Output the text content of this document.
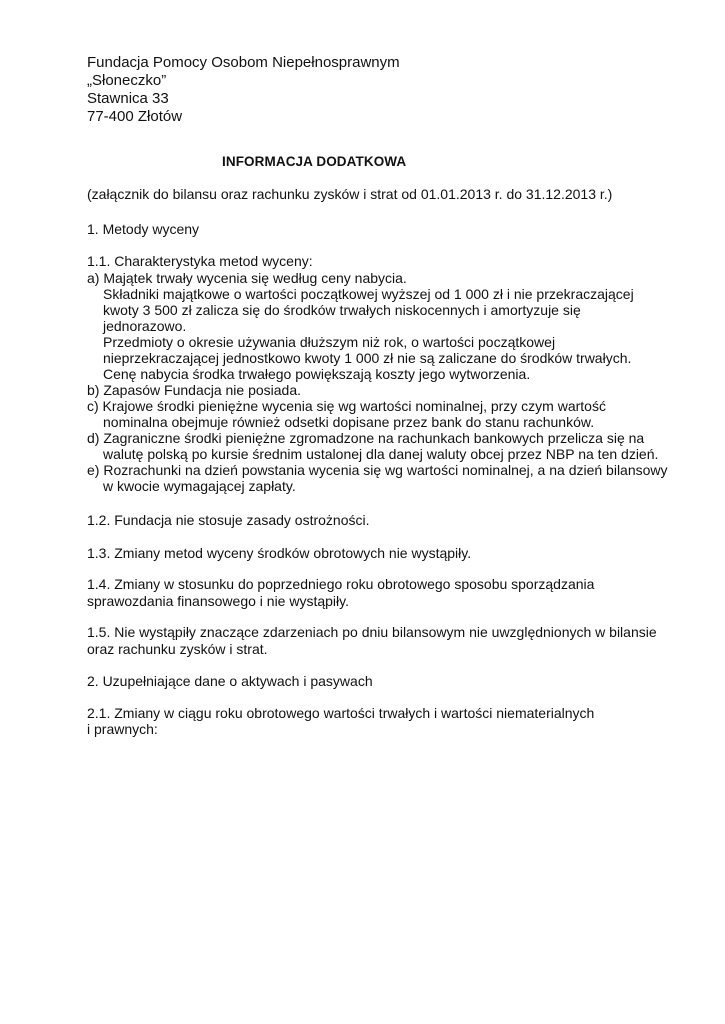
Fundacja Pomocy Osobom Niepełnosprawnym
„Słoneczko”
Stawnica 33
77-400 Złotów
INFORMACJA DODATKOWA
(załącznik do bilansu oraz rachunku zysków i strat od 01.01.2013 r. do 31.12.2013 r.)
1. Metody wyceny
1.1. Charakterystyka metod wyceny:
a) Majątek trwały wycenia się według ceny nabycia.
Składniki majątkowe o wartości początkowej wyższej od 1 000 zł i nie przekraczającej
kwoty 3 500 zł zalicza się do środków trwałych niskocennych i amortyzuje się
jednorazowo.
Przedmioty o okresie używania dłuższym niż rok, o wartości początkowej
nieprzekraczającej jednostkowo kwoty 1 000 zł nie są zaliczane do środków trwałych.
Cenę nabycia środka trwałego powiększają koszty jego wytworzenia.
b) Zapasów Fundacja nie posiada.
c) Krajowe środki pieniężne wycenia się wg wartości nominalnej, przy czym wartość
nominalna obejmuje również odsetki dopisane przez bank do stanu rachunków.
d) Zagraniczne środki pieniężne zgromadzone na rachunkach bankowych przelicza się na
walutę polską po kursie średnim ustalonej dla danej waluty obcej przez NBP na ten dzień.
e) Rozrachunki na dzień powstania wycenia się wg wartości nominalnej, a na dzień bilansowy
w kwocie wymagającej zapłaty.
1.2. Fundacja nie stosuje zasady ostrożności.
1.3. Zmiany metod wyceny środków obrotowych nie wystąpiły.
1.4. Zmiany w stosunku do poprzedniego roku obrotowego sposobu sporządzania
sprawozdania finansowego i nie wystąpiły.
1.5. Nie wystąpiły znaczące zdarzeniach po dniu bilansowym nie uwzględnionych w bilansie
oraz rachunku zysków i strat.
2. Uzupełniające dane o aktywach i pasywach
2.1. Zmiany w ciągu roku obrotowego wartości trwałych i wartości niematerialnych
i prawnych:
